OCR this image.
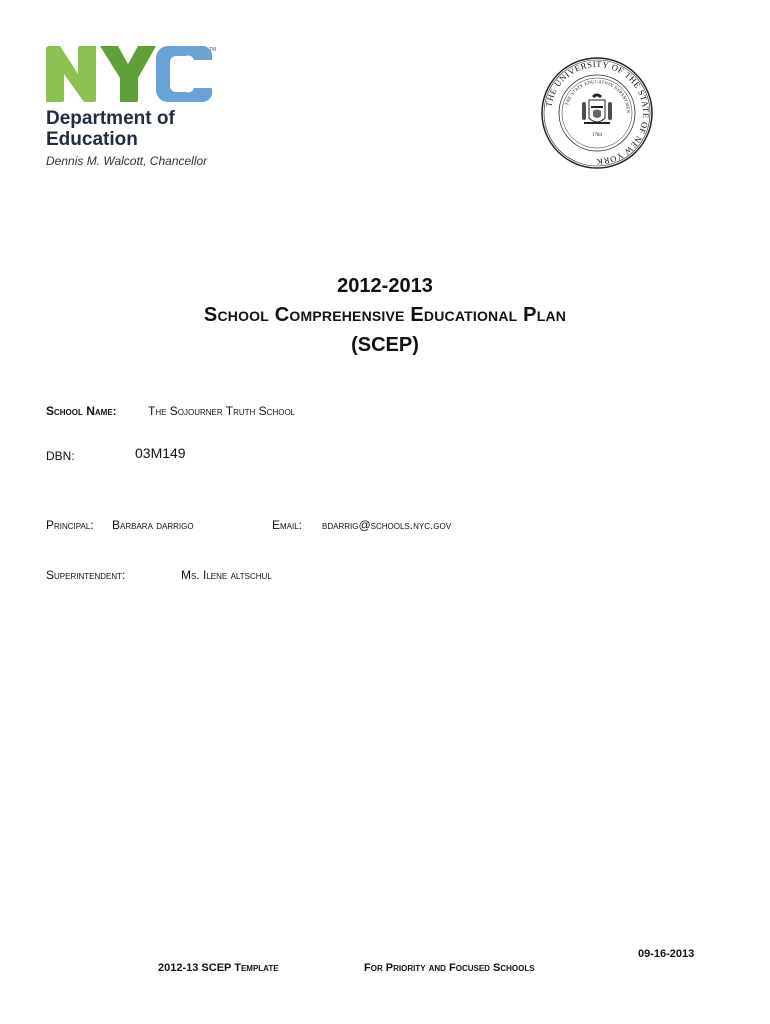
TM
Department of
Education
Dennis M. Walcott, Chancellor
THE UNIVERSITY OF THE STATE OF NEW YORK
THE STATE EDUCATION DEPARTMEN
1784
2012-2013
School Comprehensive Educational Plan
(SCEP)
School Name:	The Sojourner Truth School
DBN:	03M149
Principal: Barbara darrigo	Email: bdarrig@schools.nyc.gov
Superintendent:	Ms. Ilene altschul
2012-13 SCEP Template	For Priority and Focused Schools
09-16-2013
